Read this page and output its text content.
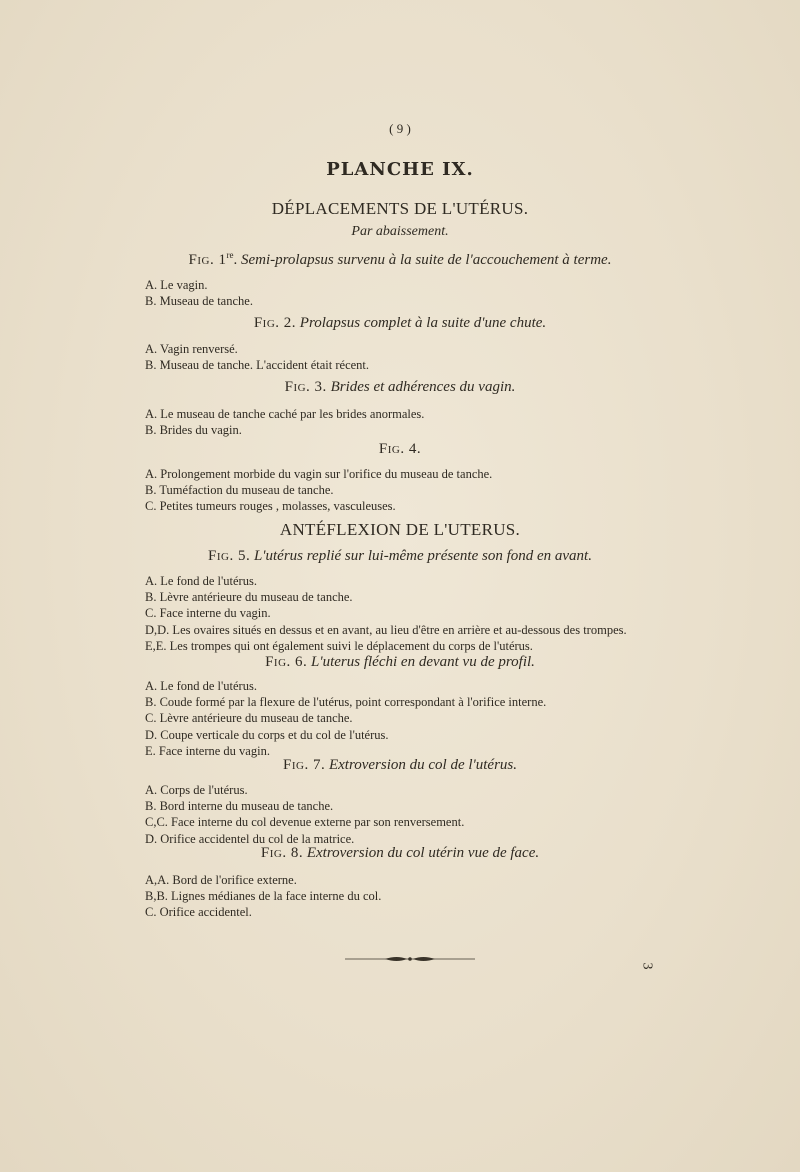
( 9 )
PLANCHE IX.
DÉPLACEMENTS DE L'UTÉRUS.
Par abaissement.
Fig. 1re. Semi-prolapsus survenu à la suite de l'accouchement à terme.
A. Le vagin.
B. Museau de tanche.
Fig. 2. Prolapsus complet à la suite d'une chute.
A. Vagin renversé.
B. Museau de tanche. L'accident était récent.
Fig. 3. Brides et adhérences du vagin.
A. Le museau de tanche caché par les brides anormales.
B. Brides du vagin.
Fig. 4.
A. Prolongement morbide du vagin sur l'orifice du museau de tanche.
B. Tuméfaction du museau de tanche.
C. Petites tumeurs rouges , molasses, vasculeuses.
ANTÉFLEXION DE L'UTERUS.
Fig. 5. L'utérus replié sur lui-même présente son fond en avant.
A. Le fond de l'utérus.
B. Lèvre antérieure du museau de tanche.
C. Face interne du vagin.
D,D. Les ovaires situés en dessus et en avant, au lieu d'être en arrière et au-dessous des trompes.
E,E. Les trompes qui ont également suivi le déplacement du corps de l'utérus.
Fig. 6. L'uterus fléchi en devant vu de profil.
A. Le fond de l'utérus.
B. Coude formé par la flexure de l'utérus, point correspondant à l'orifice interne.
C. Lèvre antérieure du museau de tanche.
D. Coupe verticale du corps et du col de l'utérus.
E. Face interne du vagin.
Fig. 7. Extroversion du col de l'utérus.
A. Corps de l'utérus.
B. Bord interne du museau de tanche.
C,C. Face interne du col devenue externe par son renversement.
D. Orifice accidentel du col de la matrice.
Fig. 8. Extroversion du col utérin vue de face.
A,A. Bord de l'orifice externe.
B,B. Lignes médianes de la face interne du col.
C. Orifice accidentel.
3
